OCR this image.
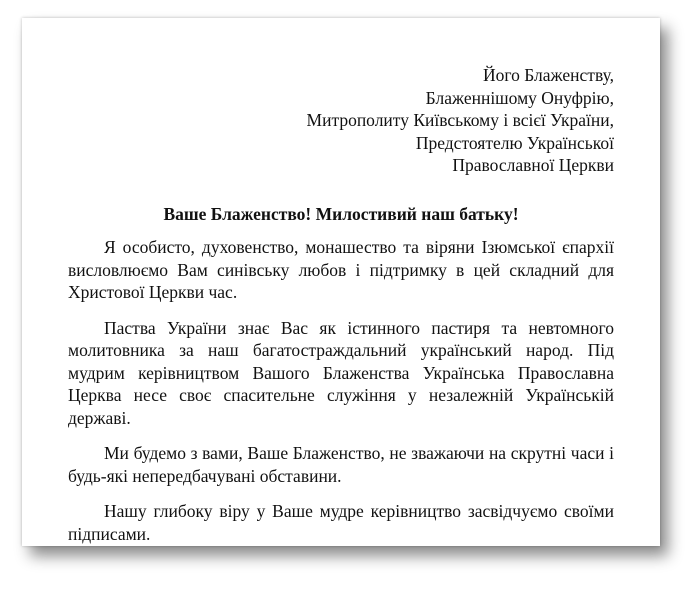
Його Блаженству,
Блаженнішому Онуфрію,
Митрополиту Київському і всієї України,
Предстоятелю Української
Православної Церкви
Ваше Блаженство! Милостивий наш батьку!

Я особисто, духовенство, монашество та віряни Ізюмської єпархії висловлюємо Вам синівську любов і підтримку в цей складний для Христової Церкви час.

Паства України знає Вас як істинного пастиря та невтомного молитовника за наш багатостраждальний український народ. Під мудрим керівництвом Вашого Блаженства Українська Православна Церква несе своє спасительне служіння у незалежній Українській державі.

Ми будемо з вами, Ваше Блаженство, не зважаючи на скрутні часи і будь-які непередбачувані обставини.

Нашу глибоку віру у Ваше мудре керівництво засвідчуємо своїми підписами.
